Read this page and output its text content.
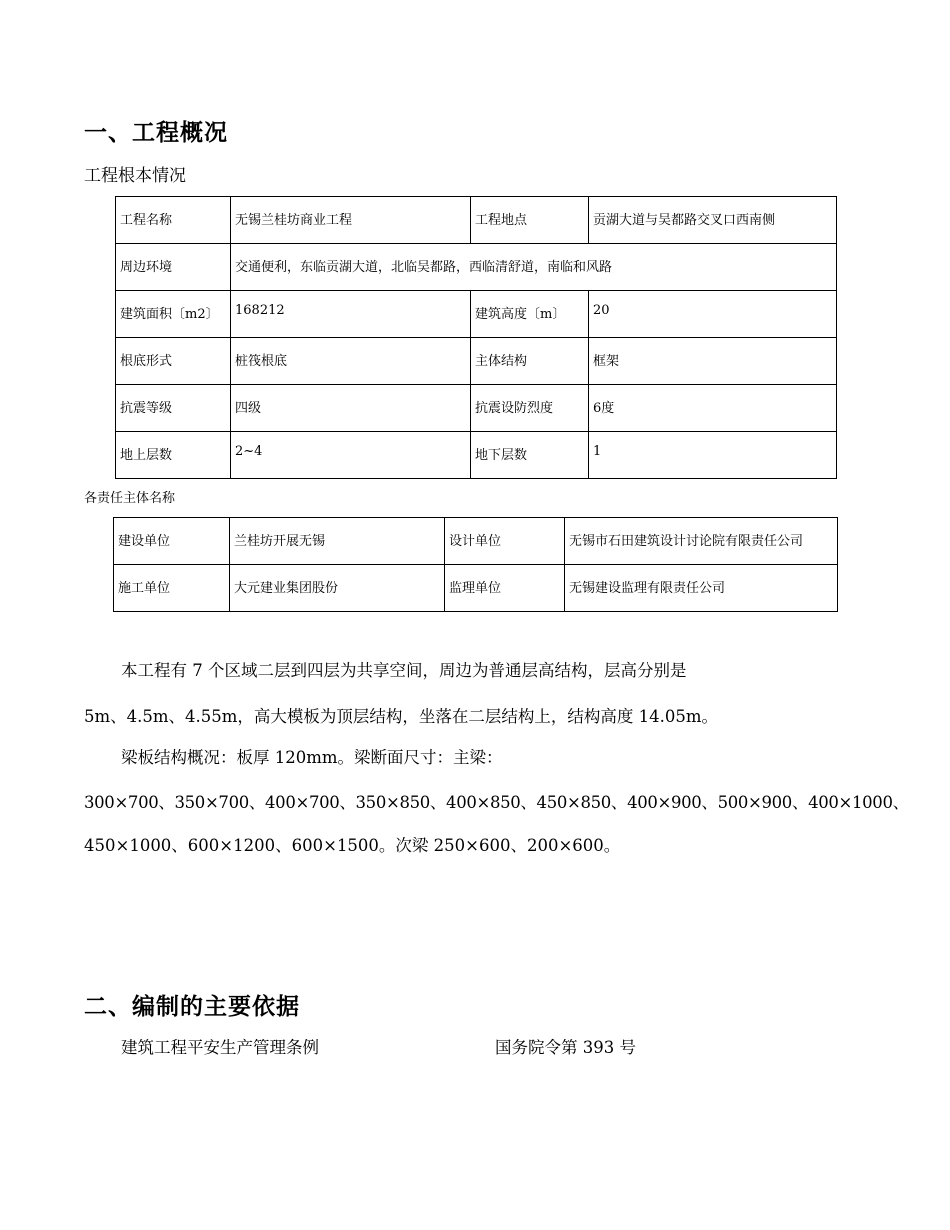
一、工程概况
工程根本情况
工程名称	无锡兰桂坊商业工程	工程地点	贡湖大道与吴都路交叉口西南侧
周边环境	交通便利，东临贡湖大道，北临吴都路，西临清舒道，南临和风路		
建筑面积〔m2〕	168212	建筑高度〔m〕	20
根底形式	桩筏根底	主体结构	框架
抗震等级	四级	抗震设防烈度	6度
地上层数	2~4	地下层数	1
各责任主体名称
建设单位	兰桂坊开展无锡	设计单位	无锡市石田建筑设计讨论院有限责任公司
施工单位	大元建业集团股份	监理单位	无锡建设监理有限责任公司
本工程有 7 个区域二层到四层为共享空间，周边为普通层高结构，层高分别是
5m、4.5m、4.55m，高大模板为顶层结构，坐落在二层结构上，结构高度 14.05m。
梁板结构概况：板厚 120mm。梁断面尺寸：主梁：
300×700、350×700、400×700、350×850、400×850、450×850、400×900、500×900、400×1000、
450×1000、600×1200、600×1500。次梁 250×600、200×600。
二、编制的主要依据
建筑工程平安生产管理条例	国务院令第 393 号
